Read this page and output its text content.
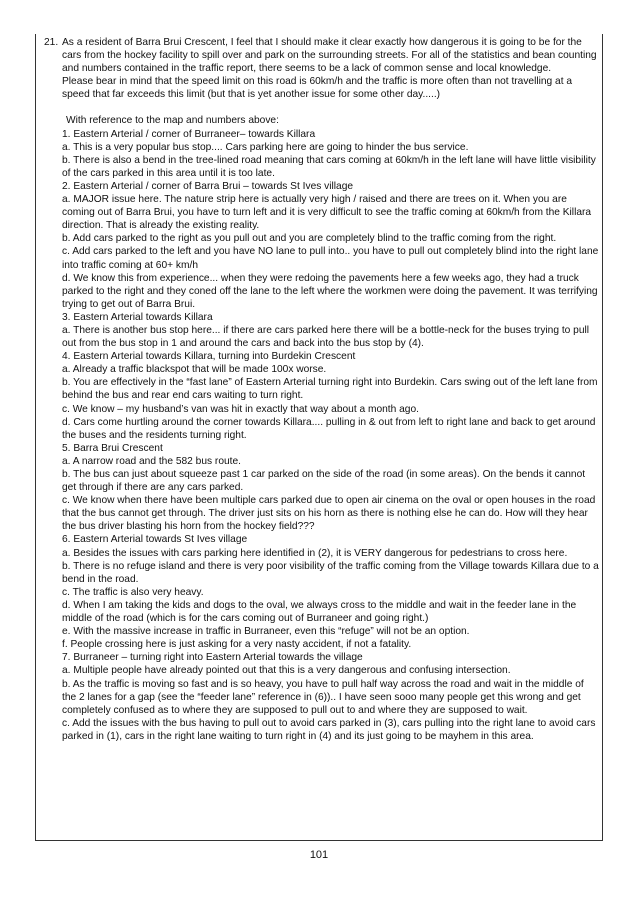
21. As a resident of Barra Brui Crescent, I feel that I should make it clear exactly how dangerous it is going to be for the cars from the hockey facility to spill over and park on the surrounding streets. For all of the statistics and bean counting and numbers contained in the traffic report, there seems to be a lack of common sense and local knowledge.
Please bear in mind that the speed limit on this road is 60km/h and the traffic is more often than not travelling at a speed that far exceeds this limit (but that is yet another issue for some other day.....)
With reference to the map and numbers above:
1. Eastern Arterial / corner of Burraneer– towards Killara
a. This is a very popular bus stop.... Cars parking here are going to hinder the bus service.
b. There is also a bend in the tree-lined road meaning that cars coming at 60km/h in the left lane will have little visibility of the cars parked in this area until it is too late.
2. Eastern Arterial / corner of Barra Brui – towards St Ives village
a. MAJOR issue here. The nature strip here is actually very high / raised and there are trees on it. When you are coming out of Barra Brui, you have to turn left and it is very difficult to see the traffic coming at 60km/h from the Killara direction. That is already the existing reality.
b. Add cars parked to the right as you pull out and you are completely blind to the traffic coming from the right.
c. Add cars parked to the left and you have NO lane to pull into.. you have to pull out completely blind into the right lane into traffic coming at 60+ km/h
d. We know this from experience... when they were redoing the pavements here a few weeks ago, they had a truck parked to the right and they coned off the lane to the left where the workmen were doing the pavement. It was terrifying trying to get out of Barra Brui.
3. Eastern Arterial towards Killara
a. There is another bus stop here... if there are cars parked here there will be a bottle-neck for the buses trying to pull out from the bus stop in 1 and around the cars and back into the bus stop by (4).
4. Eastern Arterial towards Killara, turning into Burdekin Crescent
a. Already a traffic blackspot that will be made 100x worse.
b. You are effectively in the “fast lane” of Eastern Arterial turning right into Burdekin. Cars swing out of the left lane from behind the bus and rear end cars waiting to turn right.
c. We know – my husband’s van was hit in exactly that way about a month ago.
d. Cars come hurtling around the corner towards Killara.... pulling in & out from left to right lane and back to get around the buses and the residents turning right.
5. Barra Brui Crescent
a. A narrow road and the 582 bus route.
b. The bus can just about squeeze past 1 car parked on the side of the road (in some areas). On the bends it cannot get through if there are any cars parked.
c. We know when there have been multiple cars parked due to open air cinema on the oval or open houses in the road that the bus cannot get through. The driver just sits on his horn as there is nothing else he can do. How will they hear the bus driver blasting his horn from the hockey field???
6. Eastern Arterial towards St Ives village
a. Besides the issues with cars parking here identified in (2), it is VERY dangerous for pedestrians to cross here.
b. There is no refuge island and there is very poor visibility of the traffic coming from the Village towards Killara due to a bend in the road.
c. The traffic is also very heavy.
d. When I am taking the kids and dogs to the oval, we always cross to the middle and wait in the feeder lane in the middle of the road (which is for the cars coming out of Burraneer and going right.)
e. With the massive increase in traffic in Burraneer, even this “refuge” will not be an option.
f. People crossing here is just asking for a very nasty accident, if not a fatality.
7. Burraneer – turning right into Eastern Arterial towards the village
a. Multiple people have already pointed out that this is a very dangerous and confusing intersection.
b. As the traffic is moving so fast and is so heavy, you have to pull half way across the road and wait in the middle of the 2 lanes for a gap (see the “feeder lane” reference in (6)).. I have seen sooo many people get this wrong and get completely confused as to where they are supposed to pull out to and where they are supposed to wait.
c. Add the issues with the bus having to pull out to avoid cars parked in (3), cars pulling into the right lane to avoid cars parked in (1), cars in the right lane waiting to turn right in (4) and its just going to be mayhem in this area.
101
